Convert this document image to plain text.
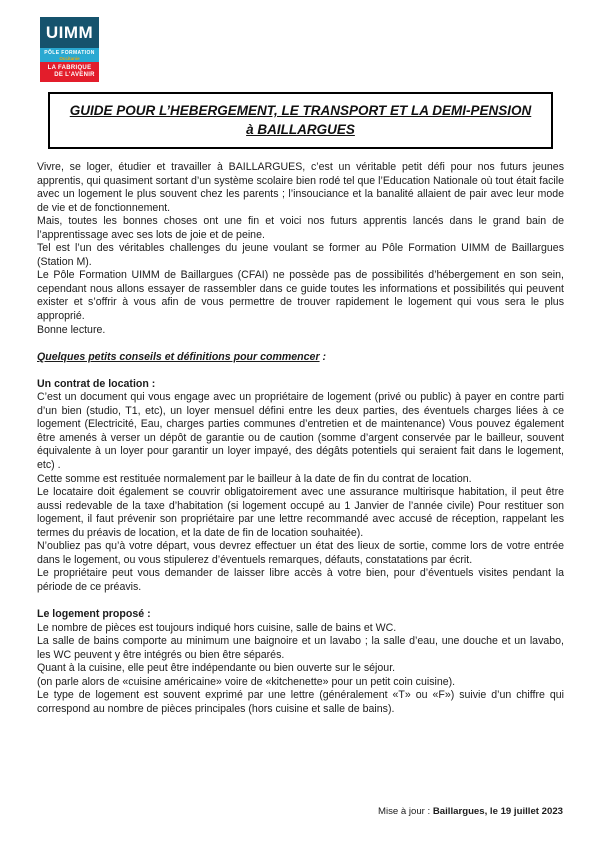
UIMM
PÔLE FORMATION
Occitanie
LA FABRIQUE
DE L'AVENIR
GUIDE POUR L’HEBERGEMENT, LE TRANSPORT ET LA DEMI-PENSION
à BAILLARGUES

Vivre, se loger, étudier et travailler à BAILLARGUES, c’est un véritable petit défi pour nos futurs jeunes apprentis, qui quasiment sortant d’un système scolaire bien rodé tel que l’Education Nationale où tout était facile avec un logement le plus souvent chez les parents ; l’insouciance et la banalité allaient de pair avec leur mode de vie et de fonctionnement.

Mais, toutes les bonnes choses ont une fin et voici nos futurs apprentis lancés dans le grand bain de l’apprentissage avec ses lots de joie et de peine.

Tel est l’un des véritables challenges du jeune voulant se former au Pôle Formation UIMM de Baillargues (Station M).

Le Pôle Formation UIMM de Baillargues (CFAI) ne possède pas de possibilités d’hébergement en son sein, cependant nous allons essayer de rassembler dans ce guide toutes les informations et possibilités qui peuvent exister et s’offrir à vous afin de vous permettre de trouver rapidement le logement qui vous sera le plus approprié.

Bonne lecture.

Quelques petits conseils et définitions pour commencer :

Un contrat de location :

C’est un document qui vous engage avec un propriétaire de logement (privé ou public) à payer en contre parti d’un bien (studio, T1, etc), un loyer mensuel défini entre les deux parties, des éventuels charges liées à ce logement (Electricité, Eau, charges parties communes d’entretien et de maintenance) Vous pouvez également être amenés à verser un dépôt de garantie ou de caution (somme d’argent conservée par le bailleur, souvent équivalente à un loyer pour garantir un loyer impayé, des dégâts potentiels qui seraient fait dans le logement, etc) .

Cette somme est restituée normalement par le bailleur à la date de fin du contrat de location.

Le locataire doit également se couvrir obligatoirement avec une assurance multirisque habitation, il peut être aussi redevable de la taxe d’habitation (si logement occupé au 1 Janvier de l’année civile) Pour restituer son logement, il faut prévenir son propriétaire par une lettre recommandé avec accusé de réception, rappelant les termes du préavis de location, et la date de fin de location souhaitée).

N’oubliez pas qu’à votre départ, vous devrez effectuer un état des lieux de sortie, comme lors de votre entrée dans le logement, ou vous stipulerez d’éventuels remarques, défauts, constatations par écrit.

Le propriétaire peut vous demander de laisser libre accès à votre bien, pour d’éventuels visites pendant la période de ce préavis.

Le logement proposé :

Le nombre de pièces est toujours indiqué hors cuisine, salle de bains et WC.

La salle de bains comporte au minimum une baignoire et un lavabo ; la salle d’eau, une douche et un lavabo, les WC peuvent y être intégrés ou bien être séparés.

Quant à la cuisine, elle peut être indépendante ou bien ouverte sur le séjour.

(on parle alors de «cuisine américaine» voire de «kitchenette» pour un petit coin cuisine).

Le type de logement est souvent exprimé par une lettre (généralement «T» ou «F») suivie d’un chiffre qui correspond au nombre de pièces principales (hors cuisine et salle de bains).

Mise à jour : Baillargues, le 19 juillet 2023
